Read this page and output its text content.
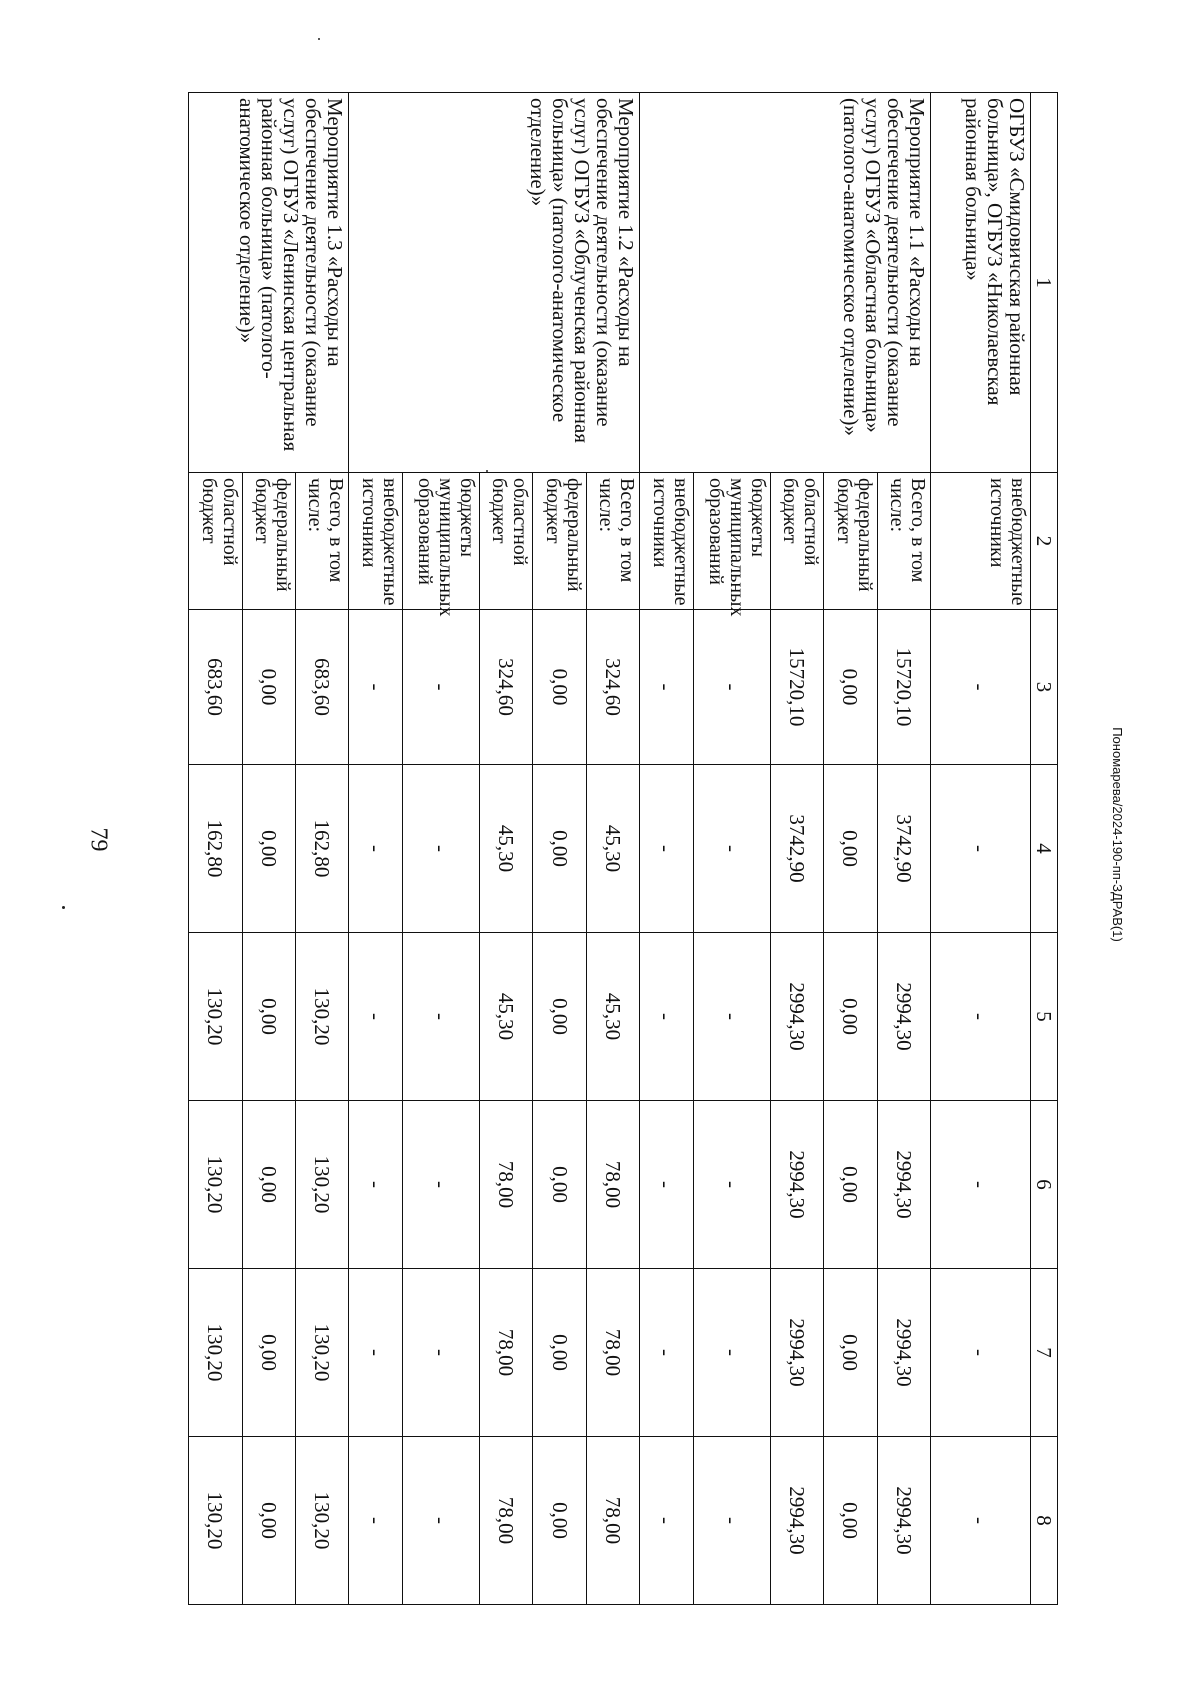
79	Пономарева/2024-190-пп-ЗДРАВ(1)
1	2	3	4	5	6	7	8
ОГБУЗ «Смидовичская районная больница», ОГБУЗ «Николаевская районная больница»	внебюджетные источники	-	-	-	-	-	-
Мероприятие 1.1 «Расходы на обеспечение деятельности (оказание услуг) ОГБУЗ «Областная больница» (патолого-анатомическое отделение)»	Всего, в том числе:	15720,10	3742,90	2994,30	2994,30	2994,30	2994,30
	федеральный бюджет	0,00	0,00	0,00	0,00	0,00	0,00
	областной бюджет	15720,10	3742,90	2994,30	2994,30	2994,30	2994,30
	бюджеты муниципальных образований	-	-	-	-	-	-
	внебюджетные источники	-	-	-	-	-	-
Мероприятие 1.2 «Расходы на обеспечение деятельности (оказание услуг) ОГБУЗ «Облученская районная больница» (патолого-анатомическое отделение)»	Всего, в том числе:	324,60	45,30	45,30	78,00	78,00	78,00
	федеральный бюджет	0,00	0,00	0,00	0,00	0,00	0,00
	областной бюджет	324,60	45,30	45,30	78,00	78,00	78,00
	бюджеты муниципальных образований	-	-	-	-	-	-
	внебюджетные источники	-	-	-	-	-	-
Мероприятие 1.3 «Расходы на обеспечение деятельности (оказание услуг) ОГБУЗ «Ленинская центральная районная больница» (патолого-анатомическое отделение)»	Всего, в том числе:	683,60	162,80	130,20	130,20	130,20	130,20
	федеральный бюджет	0,00	0,00	0,00	0,00	0,00	0,00
	областной бюджет	683,60	162,80	130,20	130,20	130,20	130,20
